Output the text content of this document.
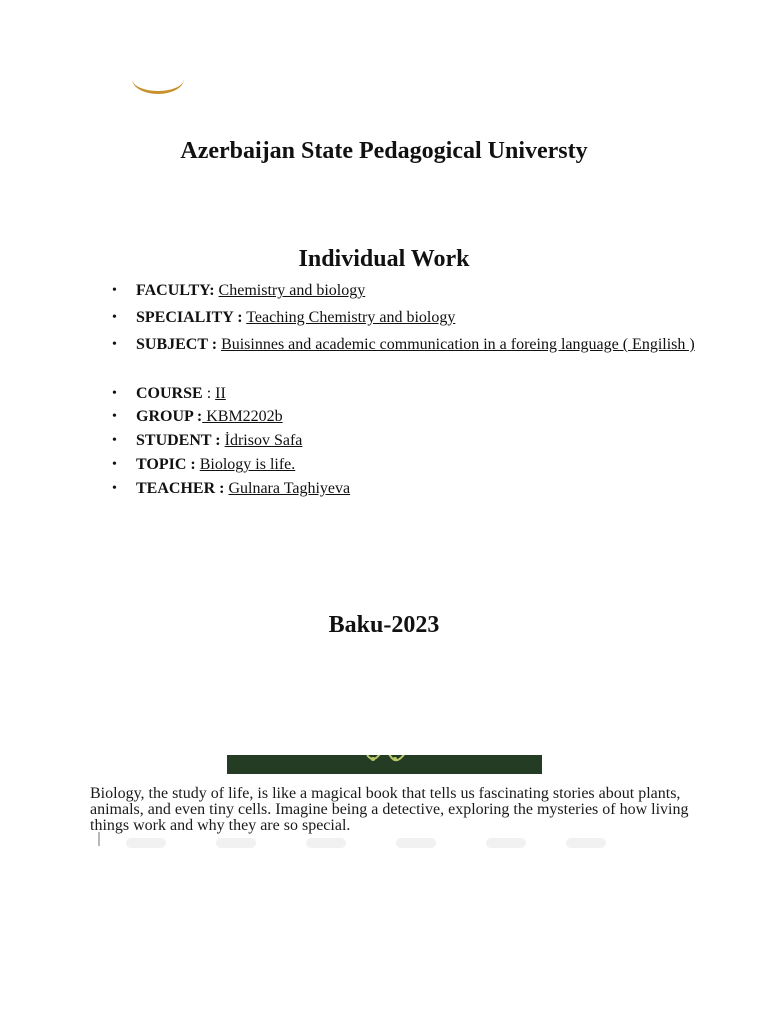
Azerbaijan State Pedagogical Universty
Individual Work
• FACULTY: Chemistry and biology
• SPECIALITY : Teaching Chemistry and biology
• SUBJECT : Buisinnes and academic communication in a foreing language ( Engilish )
• COURSE : II
• GROUP : KBM2202b
• STUDENT : İdrisov Safa
• TOPIC : Biology is life.
• TEACHER : Gulnara Taghiyeva
Baku-2023

Biology, the study of life, is like a magical book that tells us fascinating stories about plants, animals, and even tiny cells. Imagine being a detective, exploring the mysteries of how living things work and why they are so special.
